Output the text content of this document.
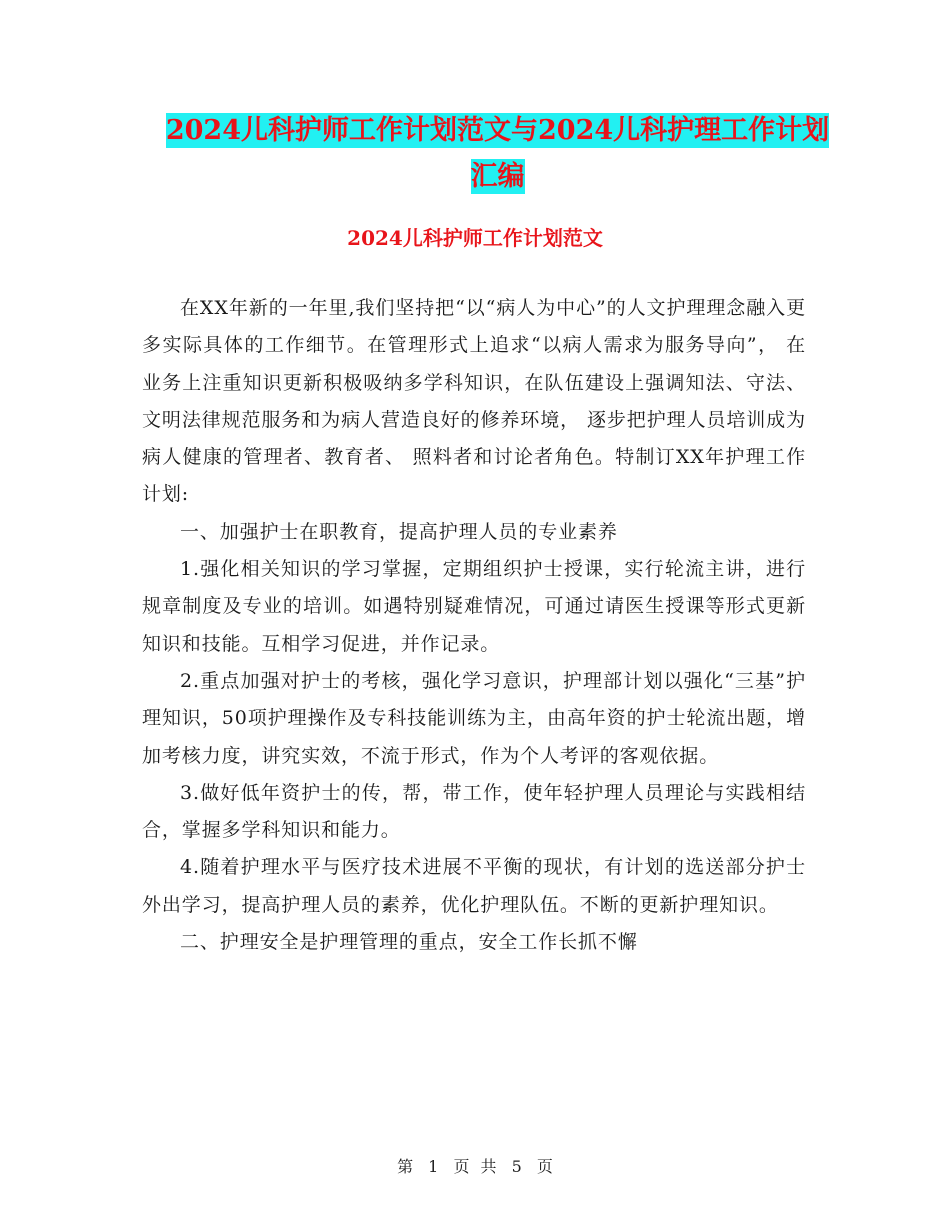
2024儿科护师工作计划范文与2024儿科护理工作计划
汇编
2024儿科护师工作计划范文

在XX年新的一年里,我们坚持把“以“病人为中心”的人文护理理念融入更多实际具体的工作细节。在管理形式上追求“以病人需求为服务导向”， 在业务上注重知识更新积极吸纳多学科知识，在队伍建设上强调知法、守法、文明法律规范服务和为病人营造良好的修养环境， 逐步把护理人员培训成为病人健康的管理者、教育者、 照料者和讨论者角色。特制订XX年护理工作计划:

一、加强护士在职教育，提高护理人员的专业素养

1.强化相关知识的学习掌握，定期组织护士授课，实行轮流主讲，进行规章制度及专业的培训。如遇特别疑难情况，可通过请医生授课等形式更新知识和技能。互相学习促进，并作记录。

2.重点加强对护士的考核，强化学习意识，护理部计划以强化“三基”护理知识，50项护理操作及专科技能训练为主，由高年资的护士轮流出题，增加考核力度，讲究实效，不流于形式，作为个人考评的客观依据。

3.做好低年资护士的传，帮，带工作，使年轻护理人员理论与实践相结合，掌握多学科知识和能力。

4.随着护理水平与医疗技术进展不平衡的现状，有计划的选送部分护士外出学习，提高护理人员的素养，优化护理队伍。不断的更新护理知识。

二、护理安全是护理管理的重点，安全工作长抓不懈

第 1 页 共 5 页
